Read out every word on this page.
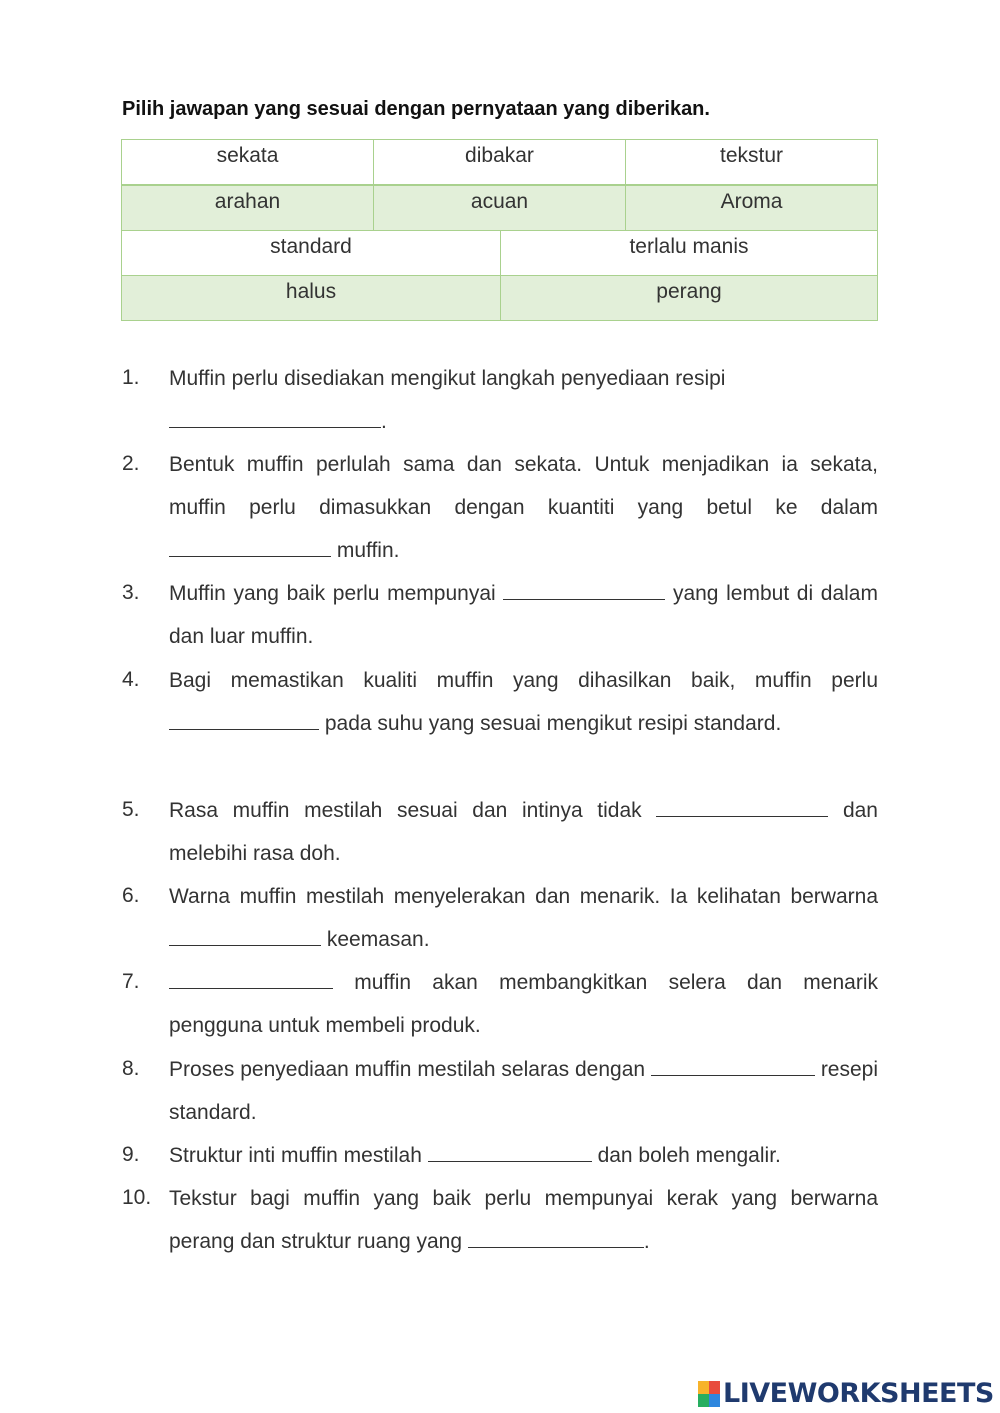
Pilih jawapan yang sesuai dengan pernyataan yang diberikan.
sekata	dibakar	tekstur
arahan	acuan	Aroma
standard	terlalu manis
halus	perang
1. Muffin perlu disediakan mengikut langkah penyediaan resipi
.
2. Bentuk muffin perlulah sama dan sekata. Untuk menjadikan ia sekata, muffin perlu dimasukkan dengan kuantiti yang betul ke dalam  muffin.
3. Muffin yang baik perlu mempunyai	yang lembut di dalam dan luar muffin.
4. Bagi memastikan kualiti muffin yang dihasilkan baik, muffin perlu  pada suhu yang sesuai mengikut resipi standard.
5. Rasa muffin mestilah sesuai dan intinya tidak	dan melebihi rasa doh.
6. Warna muffin mestilah menyelerakan dan menarik. Ia kelihatan berwarna  keemasan.
7.	muffin akan membangkitkan selera dan menarik pengguna untuk membeli produk.
8. Proses penyediaan muffin mestilah selaras dengan	resepi standard.
9. Struktur inti muffin mestilah	dan boleh mengalir.
10. Tekstur bagi muffin yang baik perlu mempunyai kerak yang berwarna perang dan struktur ruang yang	.
LIVEWORKSHEETS
